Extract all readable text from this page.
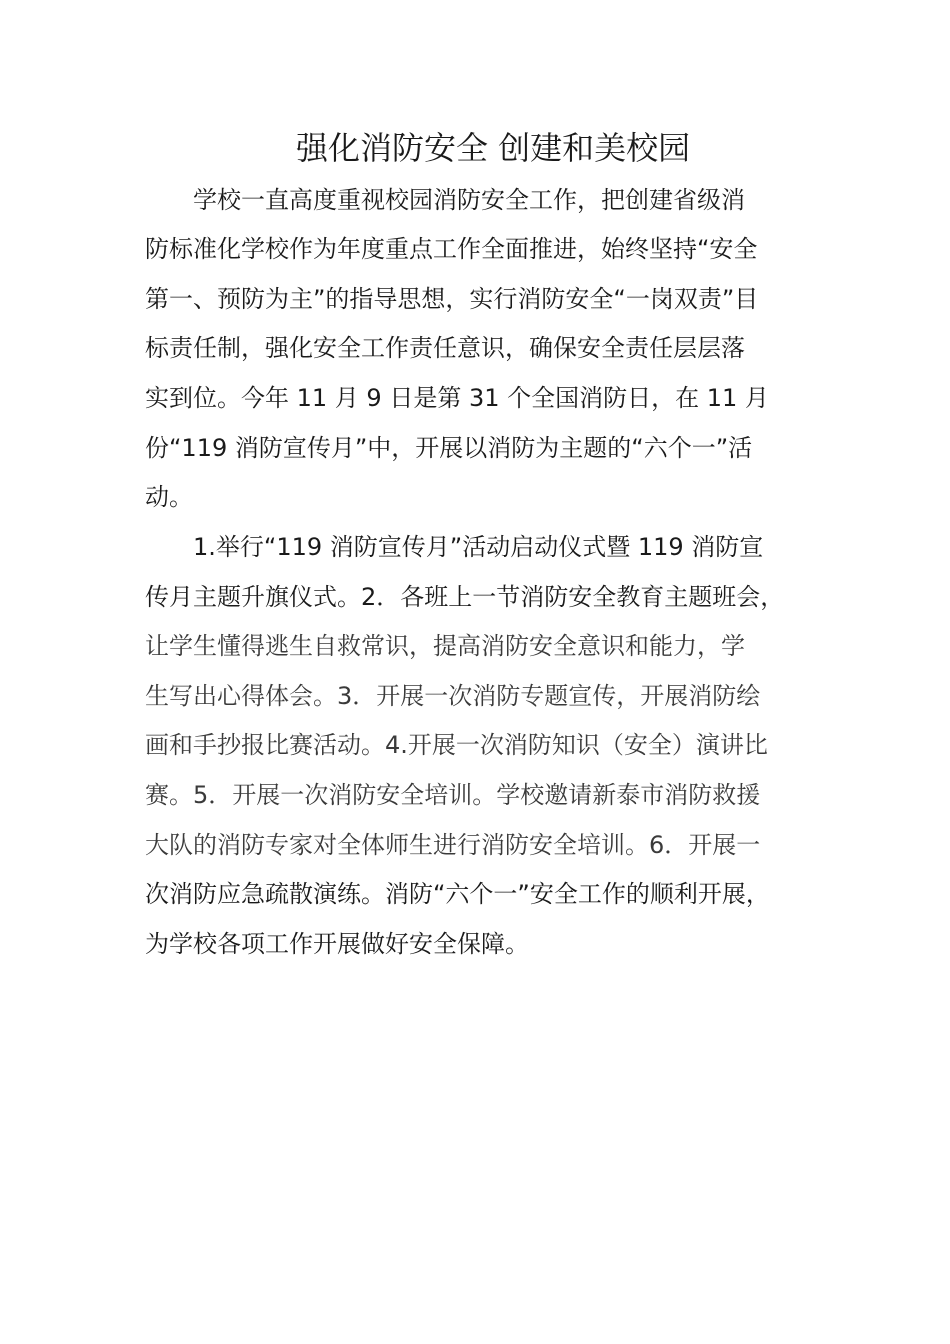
强化消防安全 创建和美校园

学校一直高度重视校园消防安全工作，把创建省级消

防标准化学校作为年度重点工作全面推进，始终坚持“安全

第一、预防为主”的指导思想，实行消防安全“一岗双责”目

标责任制，强化安全工作责任意识，确保安全责任层层落

实到位。今年 11 月 9 日是第 31 个全国消防日，在 11 月

份“119 消防宣传月”中，开展以消防为主题的“六个一”活

动。

1.举行“119 消防宣传月”活动启动仪式暨 119 消防宣

传月主题升旗仪式。2．各班上一节消防安全教育主题班会，

让学生懂得逃生自救常识，提高消防安全意识和能力，学

生写出心得体会。3．开展一次消防专题宣传，开展消防绘

画和手抄报比赛活动。4.开展一次消防知识（安全）演讲比

赛。5．开展一次消防安全培训。学校邀请新泰市消防救援

大队的消防专家对全体师生进行消防安全培训。6．开展一

次消防应急疏散演练。消防“六个一”安全工作的顺利开展，

为学校各项工作开展做好安全保障。
